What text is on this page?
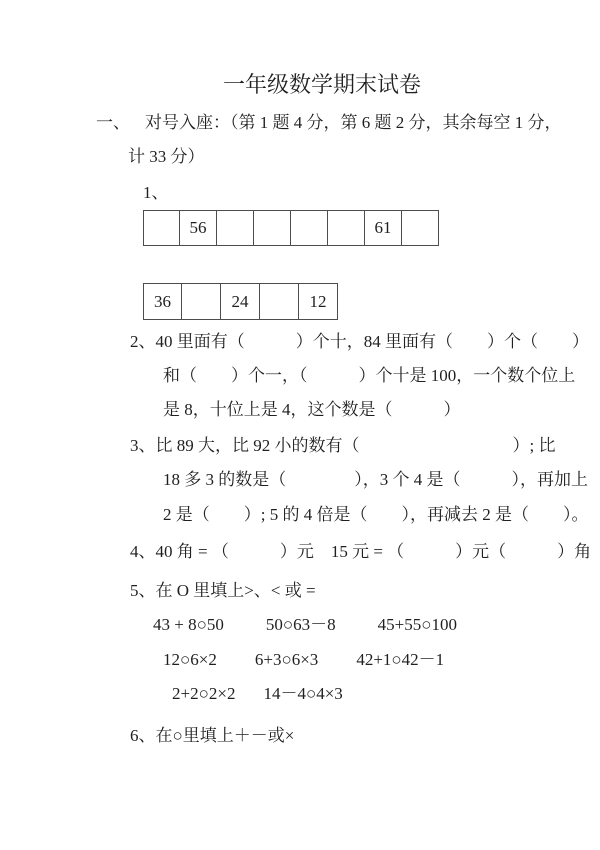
一年级数学期末试卷
一、 对号入座：（第 1 题 4 分，第 6 题 2 分，其余每空 1 分，
计 33 分）
1、
56	61
36	24	12
2、40 里面有（　　　）个十，84 里面有（　　）个（　　）
和（　　）个一，（　　　）个十是 100，一个数个位上
是 8，十位上是 4，这个数是（　　　）
3、比 89 大，比 92 小的数有（　　　　　　　　　）; 比
18 多 3 的数是（　　　　），3 个 4 是（　　　），再加上
2 是（　　）; 5 的 4 倍是（　　），再减去 2 是（　　）。
4、40 角 = （　　　）元　15 元 = （　　　）元（　　　）角
5、在 O 里填上>、< 或 =
43 + 8○50 50○63－8 45+55○100
12○6×2 6+3○6×3 42+1○42－1
2+2○2×2 14－4○4×3
6、在○里填上＋－或×
